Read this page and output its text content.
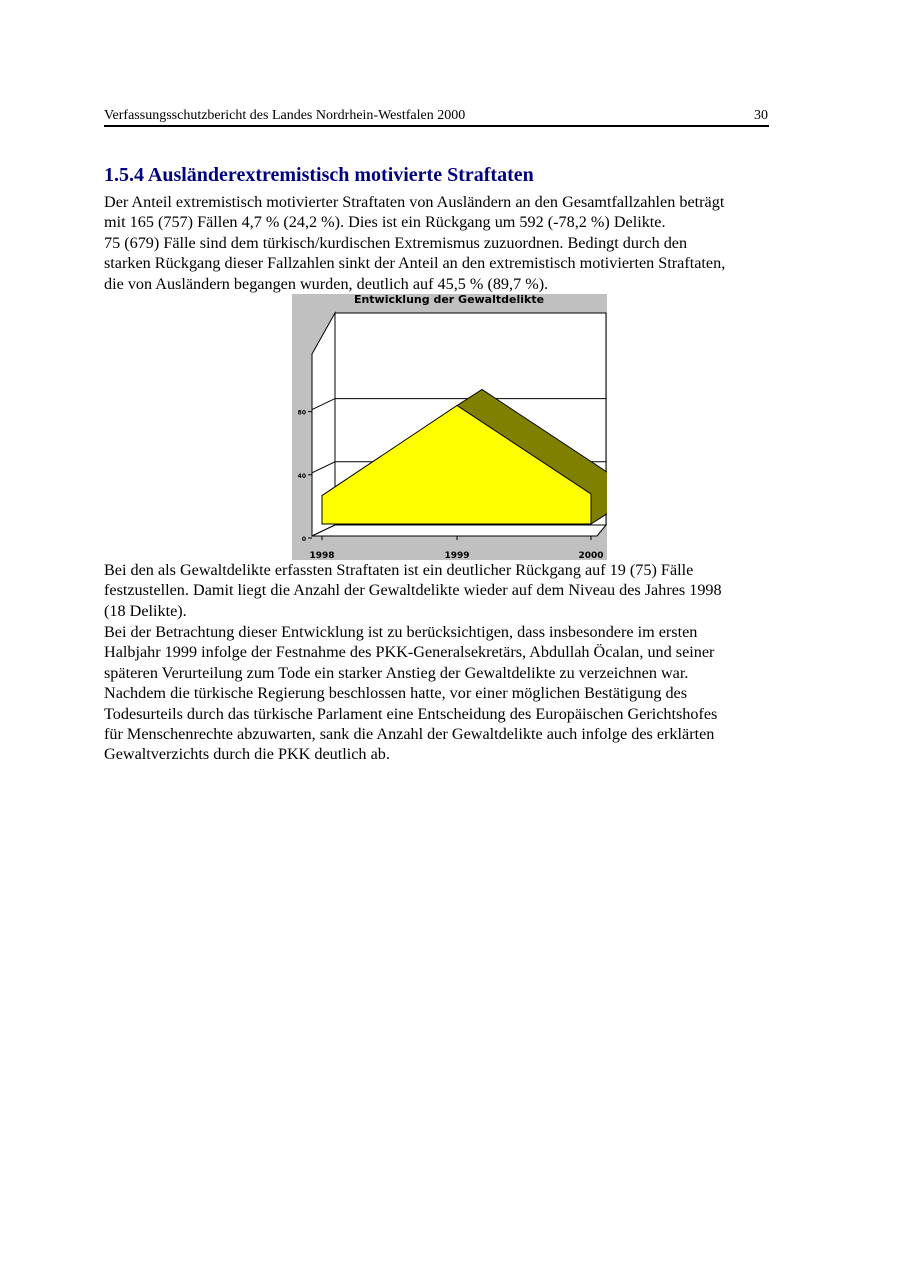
Verfassungsschutzbericht des Landes Nordrhein-Westfalen 2000	30
1.5.4 Ausländerextremistisch motivierte Straftaten

Der Anteil extremistisch motivierter Straftaten von Ausländern an den Gesamtfallzahlen beträgt
mit 165 (757) Fällen 4,7 % (24,2 %). Dies ist ein Rückgang um 592 (-78,2 %) Delikte.

75 (679) Fälle sind dem türkisch/kurdischen Extremismus zuzuordnen. Bedingt durch den
starken Rückgang dieser Fallzahlen sinkt der Anteil an den extremistisch motivierten Straftaten,
die von Ausländern begangen wurden, deutlich auf 45,5 % (89,7 %).

0
40
80
1998	1999	2000
Entwicklung der Gewaltdelikte

Bei den als Gewaltdelikte erfassten Straftaten ist ein deutlicher Rückgang auf 19 (75) Fälle
festzustellen. Damit liegt die Anzahl der Gewaltdelikte wieder auf dem Niveau des Jahres 1998
(18 Delikte).

Bei der Betrachtung dieser Entwicklung ist zu berücksichtigen, dass insbesondere im ersten
Halbjahr 1999 infolge der Festnahme des PKK-Generalsekretärs, Abdullah Öcalan, und seiner
späteren Verurteilung zum Tode ein starker Anstieg der Gewaltdelikte zu verzeichnen war.
Nachdem die türkische Regierung beschlossen hatte, vor einer möglichen Bestätigung des
Todesurteils durch das türkische Parlament eine Entscheidung des Europäischen Gerichtshofes
für Menschenrechte abzuwarten, sank die Anzahl der Gewaltdelikte auch infolge des erklärten
Gewaltverzichts durch die PKK deutlich ab.
